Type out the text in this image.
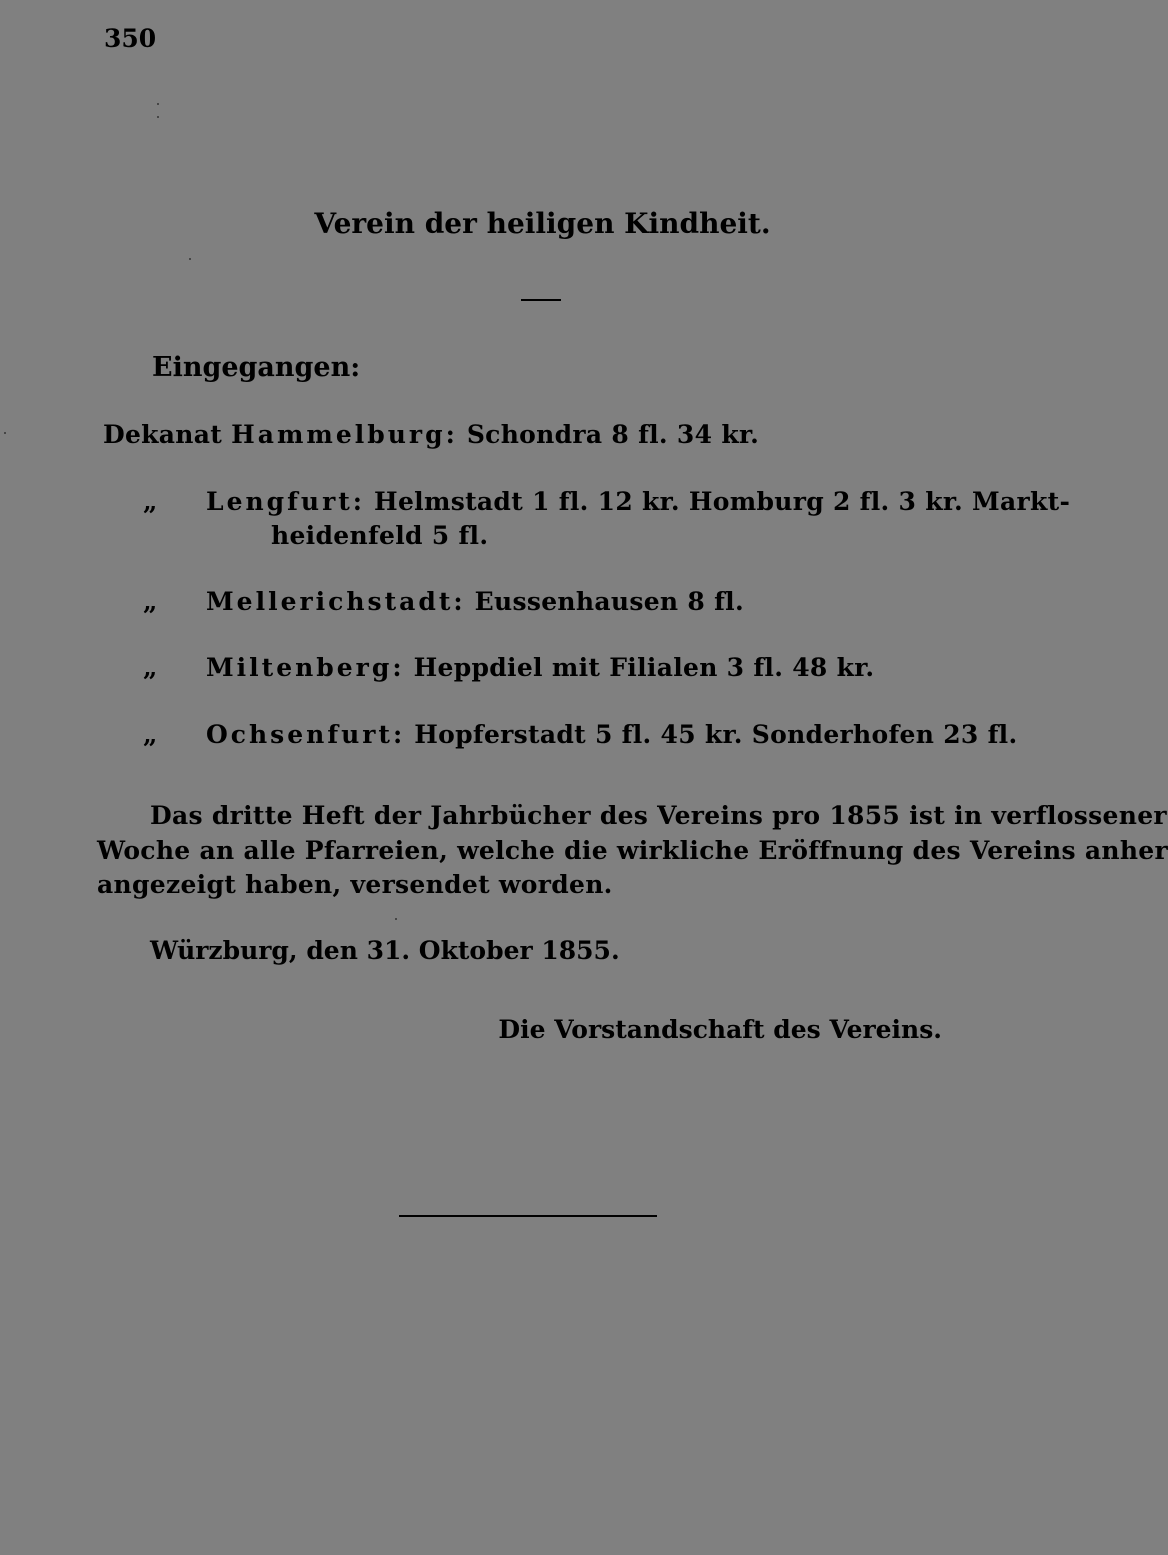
350
Verein der heiligen Kindheit.
Eingegangen:
Dekanat Hammelburg: Schondra 8 fl. 34 kr.
„ Lengfurt: Helmstadt 1 fl. 12 kr. Homburg 2 fl. 3 kr. Markt-
heidenfeld 5 fl.
„ Mellerichstadt: Eussenhausen 8 fl.
„ Miltenberg: Heppdiel mit Filialen 3 fl. 48 kr.
„ Ochsenfurt: Hopferstadt 5 fl. 45 kr. Sonderhofen 23 fl.
Das dritte Heft der Jahrbücher des Vereins pro 1855 ist in verflossener
Woche an alle Pfarreien, welche die wirkliche Eröffnung des Vereins anher
angezeigt haben, versendet worden.
Würzburg, den 31. Oktober 1855.
Die Vorstandschaft des Vereins.
